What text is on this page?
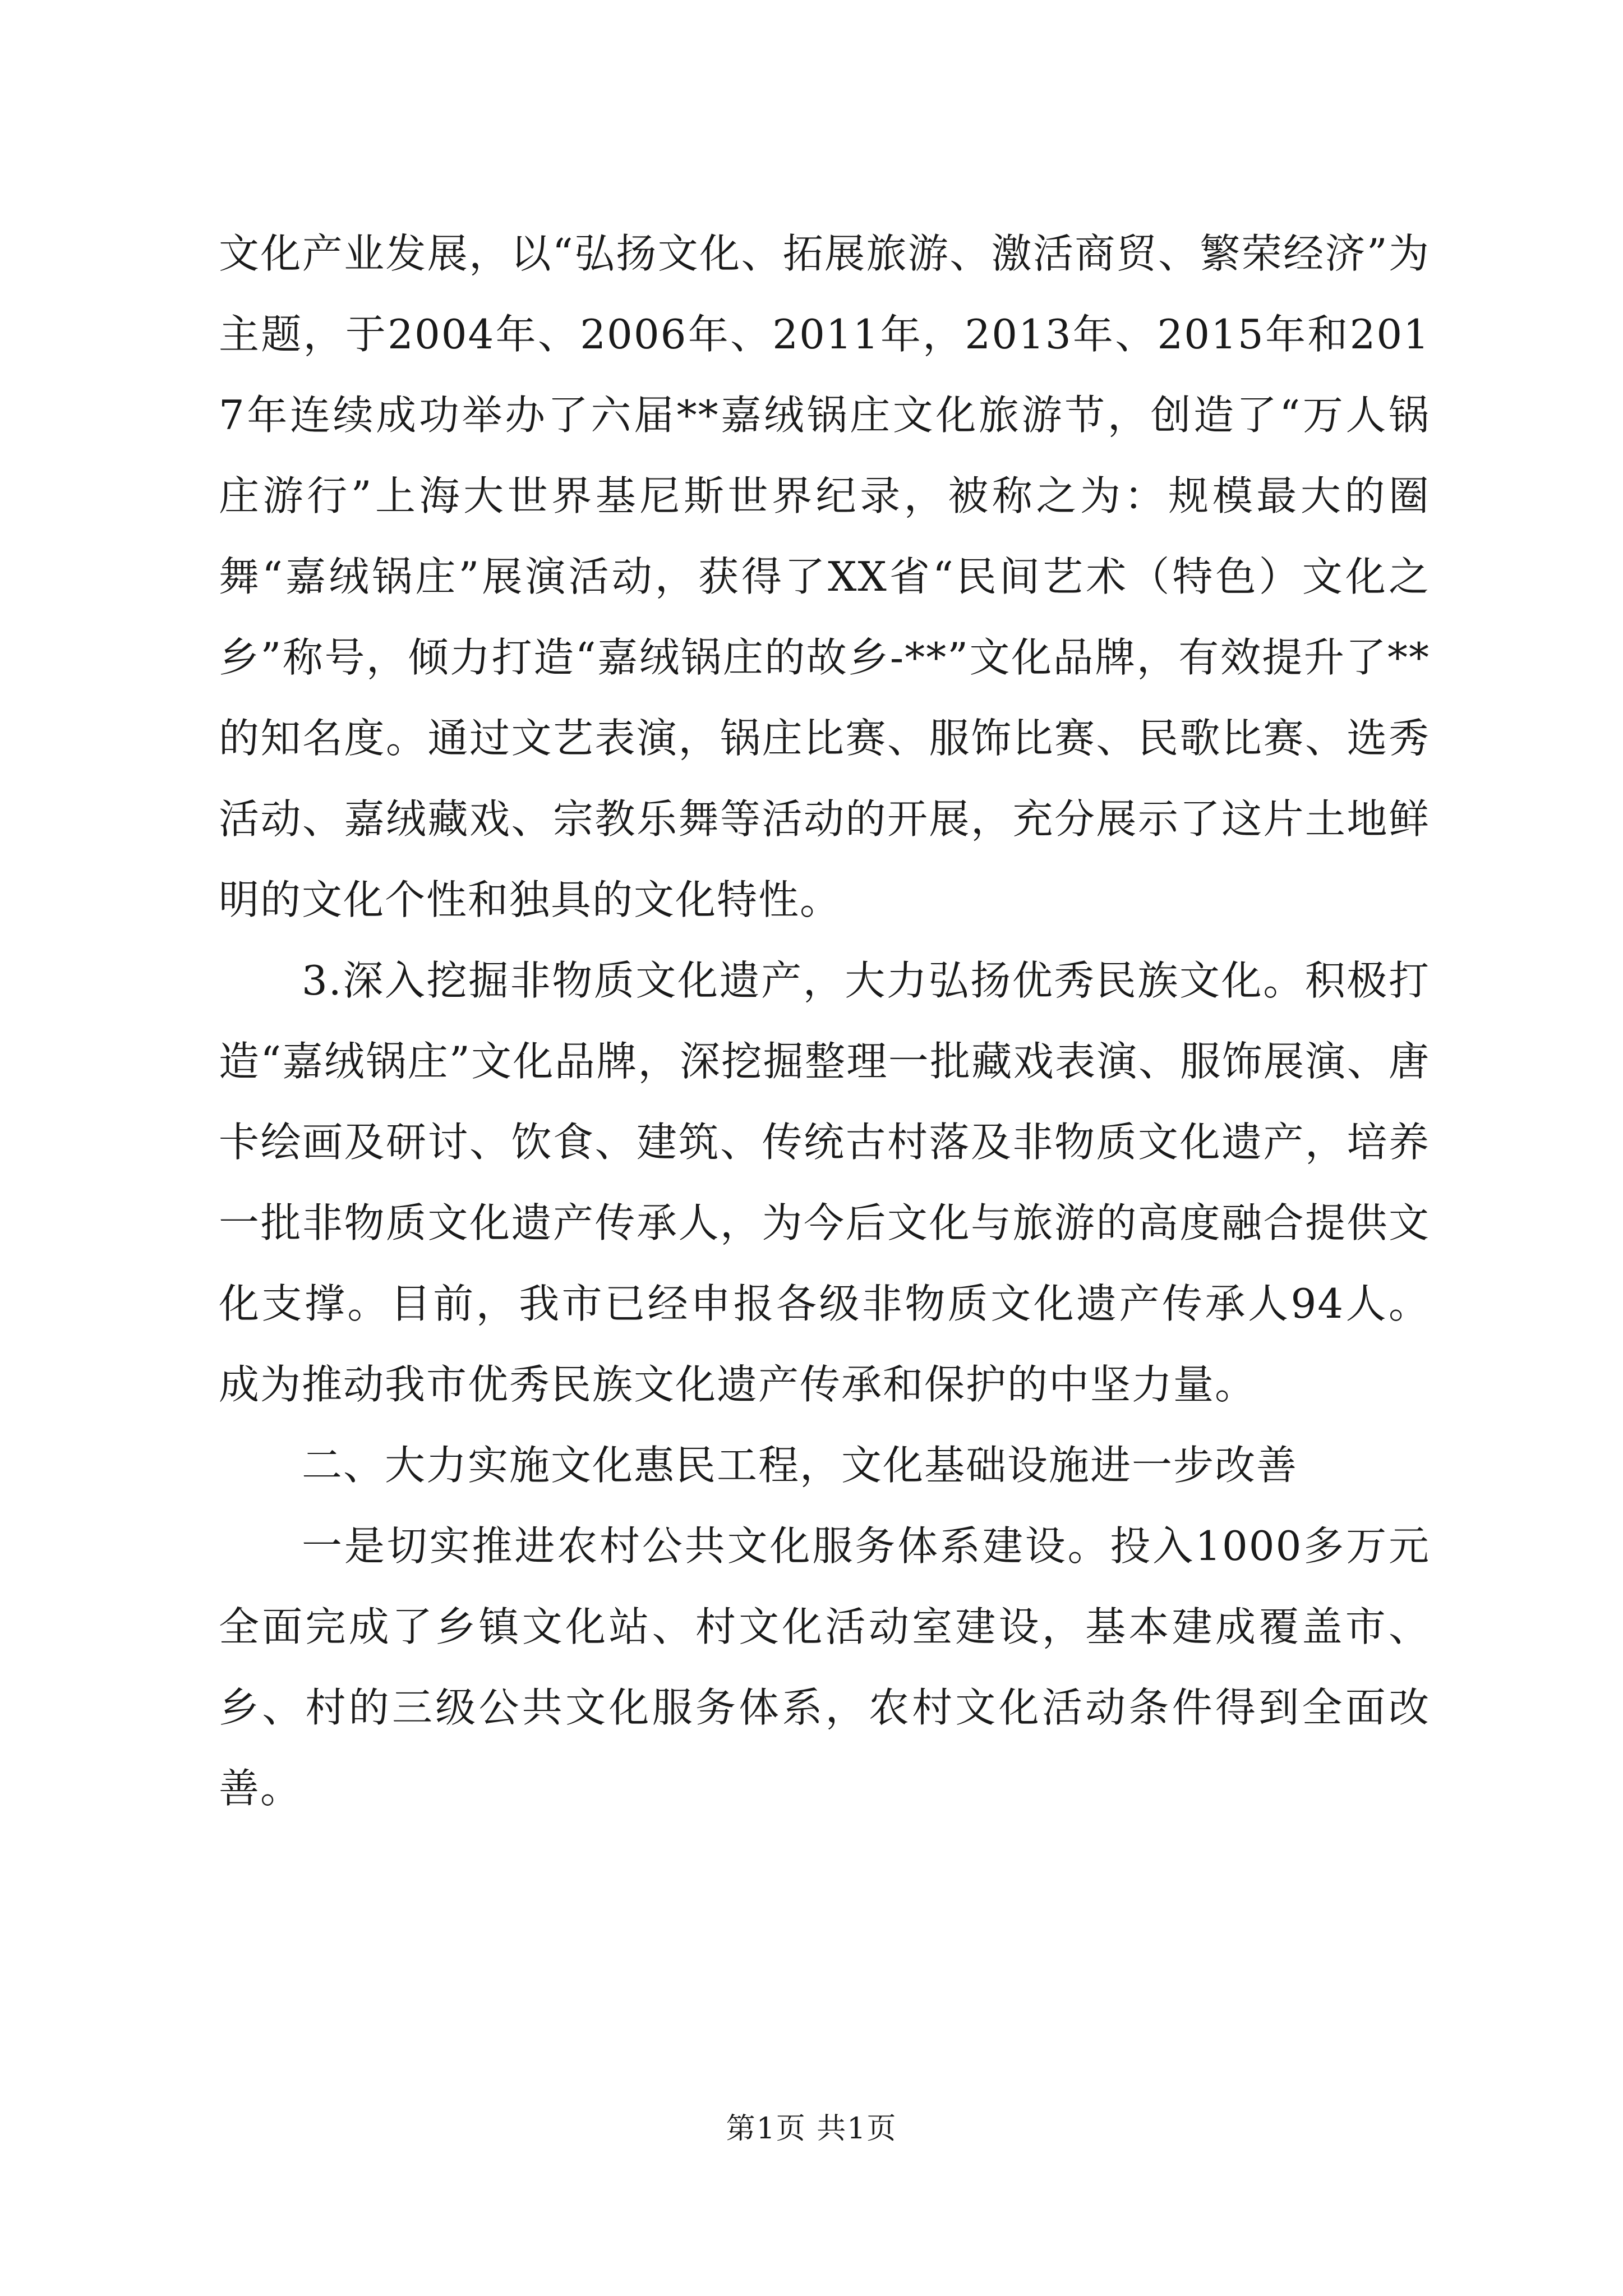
文化产业发展，以“弘扬文化、拓展旅游、激活商贸、繁荣经济”为主题，于2004年、2006年、2011年，2013年、2015年和2017年连续成功举办了六届**嘉绒锅庄文化旅游节，创造了“万人锅庄游行”上海大世界基尼斯世界纪录，被称之为：规模最大的圈舞“嘉绒锅庄”展演活动，获得了XX省“民间艺术（特色）文化之乡”称号，倾力打造“嘉绒锅庄的故乡-**”文化品牌，有效提升了**的知名度。通过文艺表演，锅庄比赛、服饰比赛、民歌比赛、选秀活动、嘉绒藏戏、宗教乐舞等活动的开展，充分展示了这片土地鲜明的文化个性和独具的文化特性。

3.深入挖掘非物质文化遗产，大力弘扬优秀民族文化。积极打造“嘉绒锅庄”文化品牌，深挖掘整理一批藏戏表演、服饰展演、唐卡绘画及研讨、饮食、建筑、传统古村落及非物质文化遗产，培养一批非物质文化遗产传承人，为今后文化与旅游的高度融合提供文化支撑。目前，我市已经申报各级非物质文化遗产传承人94人。成为推动我市优秀民族文化遗产传承和保护的中坚力量。

二、大力实施文化惠民工程，文化基础设施进一步改善

一是切实推进农村公共文化服务体系建设。投入1000多万元全面完成了乡镇文化站、村文化活动室建设，基本建成覆盖市、乡、村的三级公共文化服务体系，农村文化活动条件得到全面改善。

第1页 共1页
